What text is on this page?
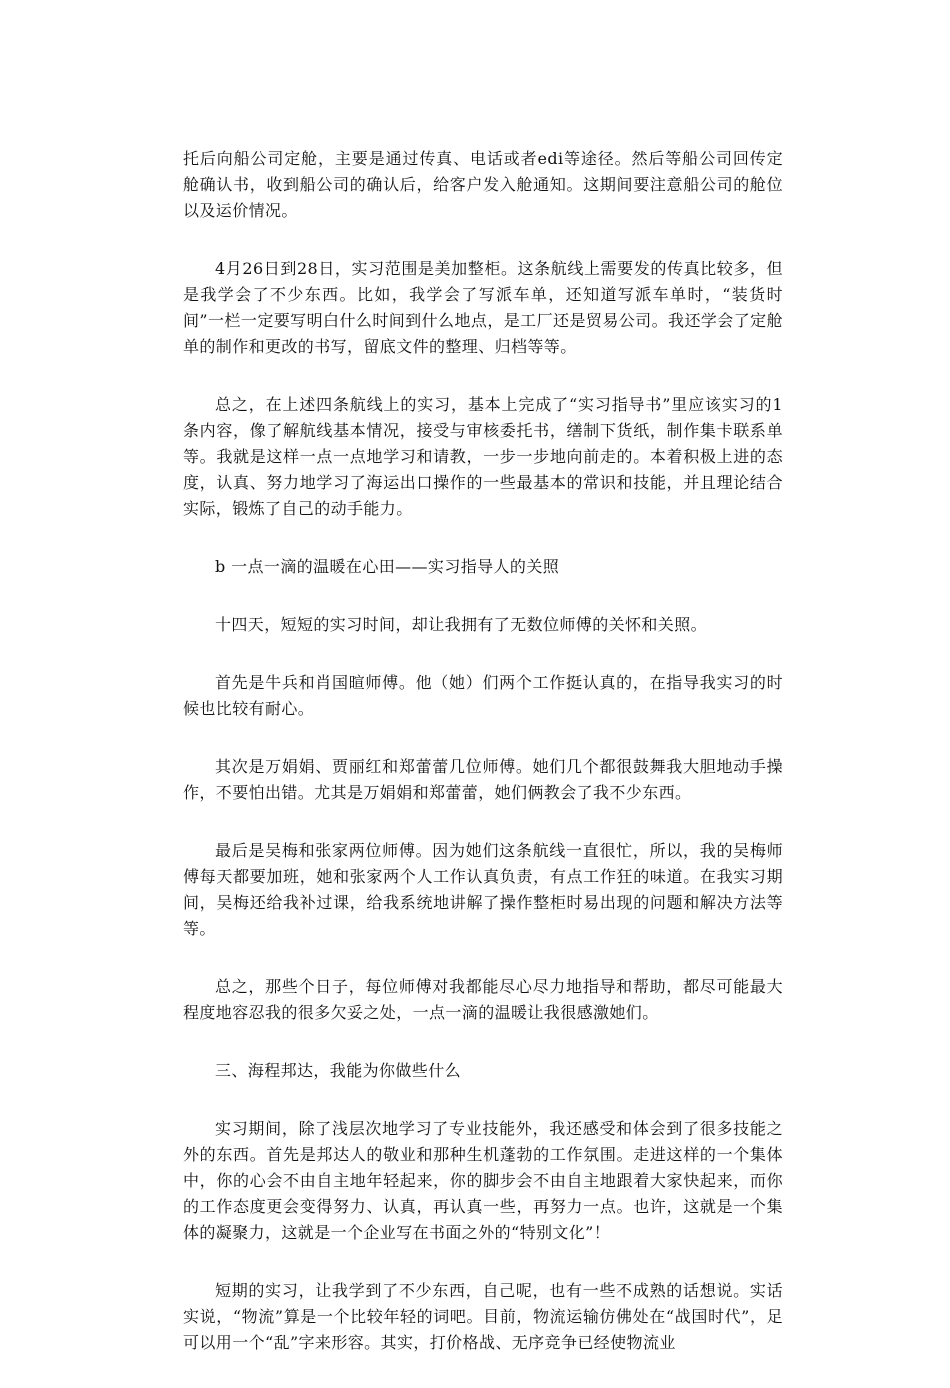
托后向船公司定舱，主要是通过传真、电话或者edi等途径。然后等船公司回传定舱确认书，收到船公司的确认后，给客户发入舱通知。这期间要注意船公司的舱位以及运价情况。

4月26日到28日，实习范围是美加整柜。这条航线上需要发的传真比较多，但是我学会了不少东西。比如，我学会了写派车单，还知道写派车单时，“装货时间”一栏一定要写明白什么时间到什么地点，是工厂还是贸易公司。我还学会了定舱单的制作和更改的书写，留底文件的整理、归档等等。

总之，在上述四条航线上的实习，基本上完成了“实习指导书”里应该实习的1条内容，像了解航线基本情况，接受与审核委托书，缮制下货纸，制作集卡联系单等。我就是这样一点一点地学习和请教，一步一步地向前走的。本着积极上进的态度，认真、努力地学习了海运出口操作的一些最基本的常识和技能，并且理论结合实际，锻炼了自己的动手能力。

b 一点一滴的温暖在心田——实习指导人的关照

十四天，短短的实习时间，却让我拥有了无数位师傅的关怀和关照。

首先是牛兵和肖国暄师傅。他（她）们两个工作挺认真的，在指导我实习的时候也比较有耐心。

其次是万娟娟、贾丽红和郑蕾蕾几位师傅。她们几个都很鼓舞我大胆地动手操作，不要怕出错。尤其是万娟娟和郑蕾蕾，她们俩教会了我不少东西。

最后是吴梅和张家两位师傅。因为她们这条航线一直很忙，所以，我的吴梅师傅每天都要加班，她和张家两个人工作认真负责，有点工作狂的味道。在我实习期间，吴梅还给我补过课，给我系统地讲解了操作整柜时易出现的问题和解决方法等等。

总之，那些个日子，每位师傅对我都能尽心尽力地指导和帮助，都尽可能最大程度地容忍我的很多欠妥之处，一点一滴的温暖让我很感激她们。

三、海程邦达，我能为你做些什么

实习期间，除了浅层次地学习了专业技能外，我还感受和体会到了很多技能之外的东西。首先是邦达人的敬业和那种生机蓬勃的工作氛围。走进这样的一个集体中，你的心会不由自主地年轻起来，你的脚步会不由自主地跟着大家快起来，而你的工作态度更会变得努力、认真，再认真一些，再努力一点。也许，这就是一个集体的凝聚力，这就是一个企业写在书面之外的“特别文化”！

短期的实习，让我学到了不少东西，自己呢，也有一些不成熟的话想说。实话实说，“物流”算是一个比较年轻的词吧。目前，物流运输仿佛处在“战国时代”，足可以用一个“乱”字来形容。其实，打价格战、无序竞争已经使物流业
